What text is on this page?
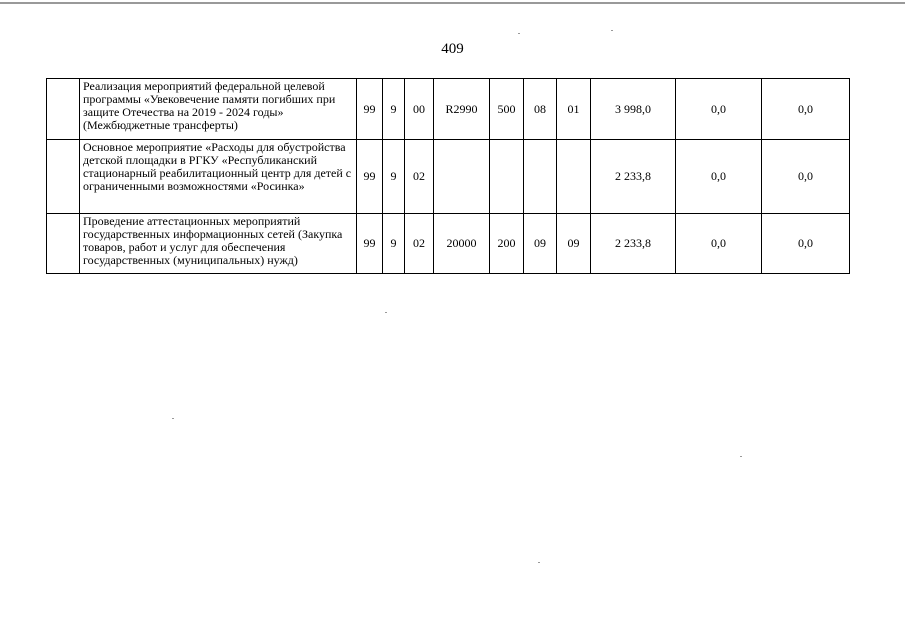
409
	Реализация мероприятий федеральной целевой программы «Увековечение памяти погибших при защите Отечества на 2019 - 2024 годы» (Межбюджетные трансферты)	99	9	00	R2990	500	08	01	3 998,0	0,0	0,0
	Основное мероприятие «Расходы для обустройства детской площадки в РГКУ «Республиканский стационарный реабилитационный центр для детей с ограниченными возможностями «Росинка»	99	9	02					2 233,8	0,0	0,0
	Проведение аттестационных мероприятий государственных информационных сетей (Закупка товаров, работ и услуг для обеспечения государственных (муниципальных) нужд)	99	9	02	20000	200	09	09	2 233,8	0,0	0,0
